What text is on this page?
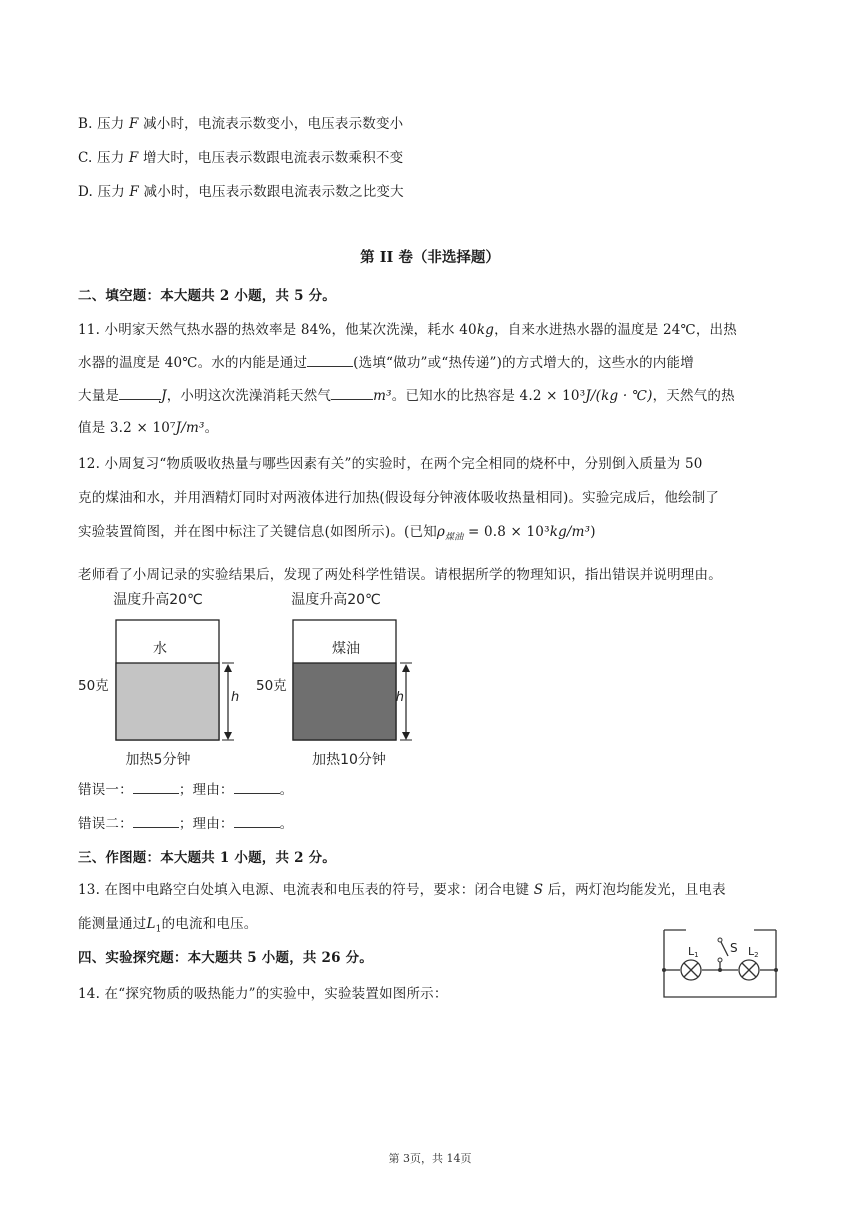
B. 压力 F 减小时，电流表示数变小，电压表示数变小
C. 压力 F 增大时，电压表示数跟电流表示数乘积不变
D. 压力 F 减小时，电压表示数跟电流表示数之比变大
第 II 卷（非选择题）
二、填空题：本大题共 2 小题，共 5 分。
11. 小明家天然气热水器的热效率是 84%，他某次洗澡，耗水 40kg，自来水进热水器的温度是 24℃，出热
水器的温度是 40℃。水的内能是通过	(选填“做功”或“热传递”)的方式增大的，这些水的内能增
大量是	J，小明这次洗澡消耗天然气	m³。已知水的比热容是 4.2 × 10³J/(kg · ℃)，天然气的热
值是 3.2 × 10⁷J/m³。
12. 小周复习“物质吸收热量与哪些因素有关”的实验时，在两个完全相同的烧杯中，分别倒入质量为 50
克的煤油和水，并用酒精灯同时对两液体进行加热(假设每分钟液体吸收热量相同)。实验完成后，他绘制了
实验装置简图，并在图中标注了关键信息(如图所示)。(已知$\rho_{煤油} = 0.8 \times 10^3kg/m^3$)
老师看了小周记录的实验结果后，发现了两处科学性错误。请根据所学的物理知识，指出错误并说明理由。
温度升高20℃
水
50克
h
加热5分钟
温度升高20℃
煤油
50克
h
加热10分钟
错误一：	；理由：	。
错误二：	；理由：	。
三、作图题：本大题共 1 小题，共 2 分。
13. 在图中电路空白处填入电源、电流表和电压表的符号，要求：闭合电键 S 后，两灯泡均能发光，且电表
能测量通过$L_1$的电流和电压。
L1	S L2
四、实验探究题：本大题共 5 小题，共 26 分。
14. 在“探究物质的吸热能力”的实验中，实验装置如图所示：
第 3页，共 14页
